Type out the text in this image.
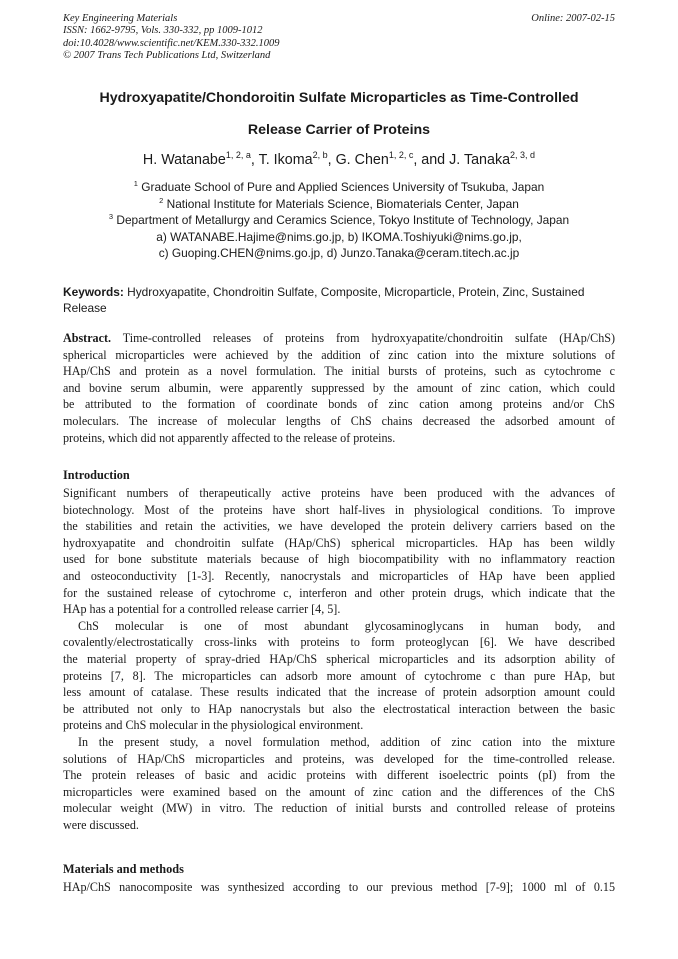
Key Engineering Materials	Online: 2007-02-15
ISSN: 1662-9795, Vols. 330-332, pp 1009-1012
doi:10.4028/www.scientific.net/KEM.330-332.1009
© 2007 Trans Tech Publications Ltd, Switzerland
Hydroxyapatite/Chondoroitin Sulfate Microparticles as Time-Controlled
Release Carrier of Proteins
H. Watanabe$^{1, 2, a}$, T. Ikoma$^{2, b}$, G. Chen$^{1, 2, c}$, and J. Tanaka$^{2, 3, d}$
$^1$ Graduate School of Pure and Applied Sciences University of Tsukuba, Japan
$^2$ National Institute for Materials Science, Biomaterials Center, Japan
$^3$ Department of Metallurgy and Ceramics Science, Tokyo Institute of Technology, Japan
a) WATANABE.Hajime@nims.go.jp, b) IKOMA.Toshiyuki@nims.go.jp,
c) Guoping.CHEN@nims.go.jp, d) Junzo.Tanaka@ceram.titech.ac.jp
Keywords: Hydroxyapatite, Chondroitin Sulfate, Composite, Microparticle, Protein, Zinc, Sustained
Release
Abstract. Time-controlled releases of proteins from hydroxyapatite/chondroitin sulfate (HAp/ChS)
spherical microparticles were achieved by the addition of zinc cation into the mixture solutions of
HAp/ChS and protein as a novel formulation. The initial bursts of proteins, such as cytochrome c
and bovine serum albumin, were apparently suppressed by the amount of zinc cation, which could
be attributed to the formation of coordinate bonds of zinc cation among proteins and/or ChS
moleculars. The increase of molecular lengths of ChS chains decreased the adsorbed amount of
proteins, which did not apparently affected to the release of proteins.
Introduction
Significant numbers of therapeutically active proteins have been produced with the advances of
biotechnology. Most of the proteins have short half-lives in physiological conditions. To improve
the stabilities and retain the activities, we have developed the protein delivery carriers based on the
hydroxyapatite and chondroitin sulfate (HAp/ChS) spherical microparticles. HAp has been wildly
used for bone substitute materials because of high biocompatibility with no inflammatory reaction
and osteoconductivity [1-3]. Recently, nanocrystals and microparticles of HAp have been applied
for the sustained release of cytochrome c, interferon and other protein drugs, which indicate that the
HAp has a potential for a controlled release carrier [4, 5].
ChS molecular is one of most abundant glycosaminoglycans in human body, and
covalently/electrostatically cross-links with proteins to form proteoglycan [6]. We have described
the material property of spray-dried HAp/ChS spherical microparticles and its adsorption ability of
proteins [7, 8]. The microparticles can adsorb more amount of cytochrome c than pure HAp, but
less amount of catalase. These results indicated that the increase of protein adsorption amount could
be attributed not only to HAp nanocrystals but also the electrostatical interaction between the basic
proteins and ChS molecular in the physiological environment.
In the present study, a novel formulation method, addition of zinc cation into the mixture
solutions of HAp/ChS microparticles and proteins, was developed for the time-controlled release.
The protein releases of basic and acidic proteins with different isoelectric points (pI) from the
microparticles were examined based on the amount of zinc cation and the differences of the ChS
molecular weight (MW) in vitro. The reduction of initial bursts and controlled release of proteins
were discussed.
Materials and methods
HAp/ChS nanocomposite was synthesized according to our previous method [7-9]; 1000 ml of 0.15
